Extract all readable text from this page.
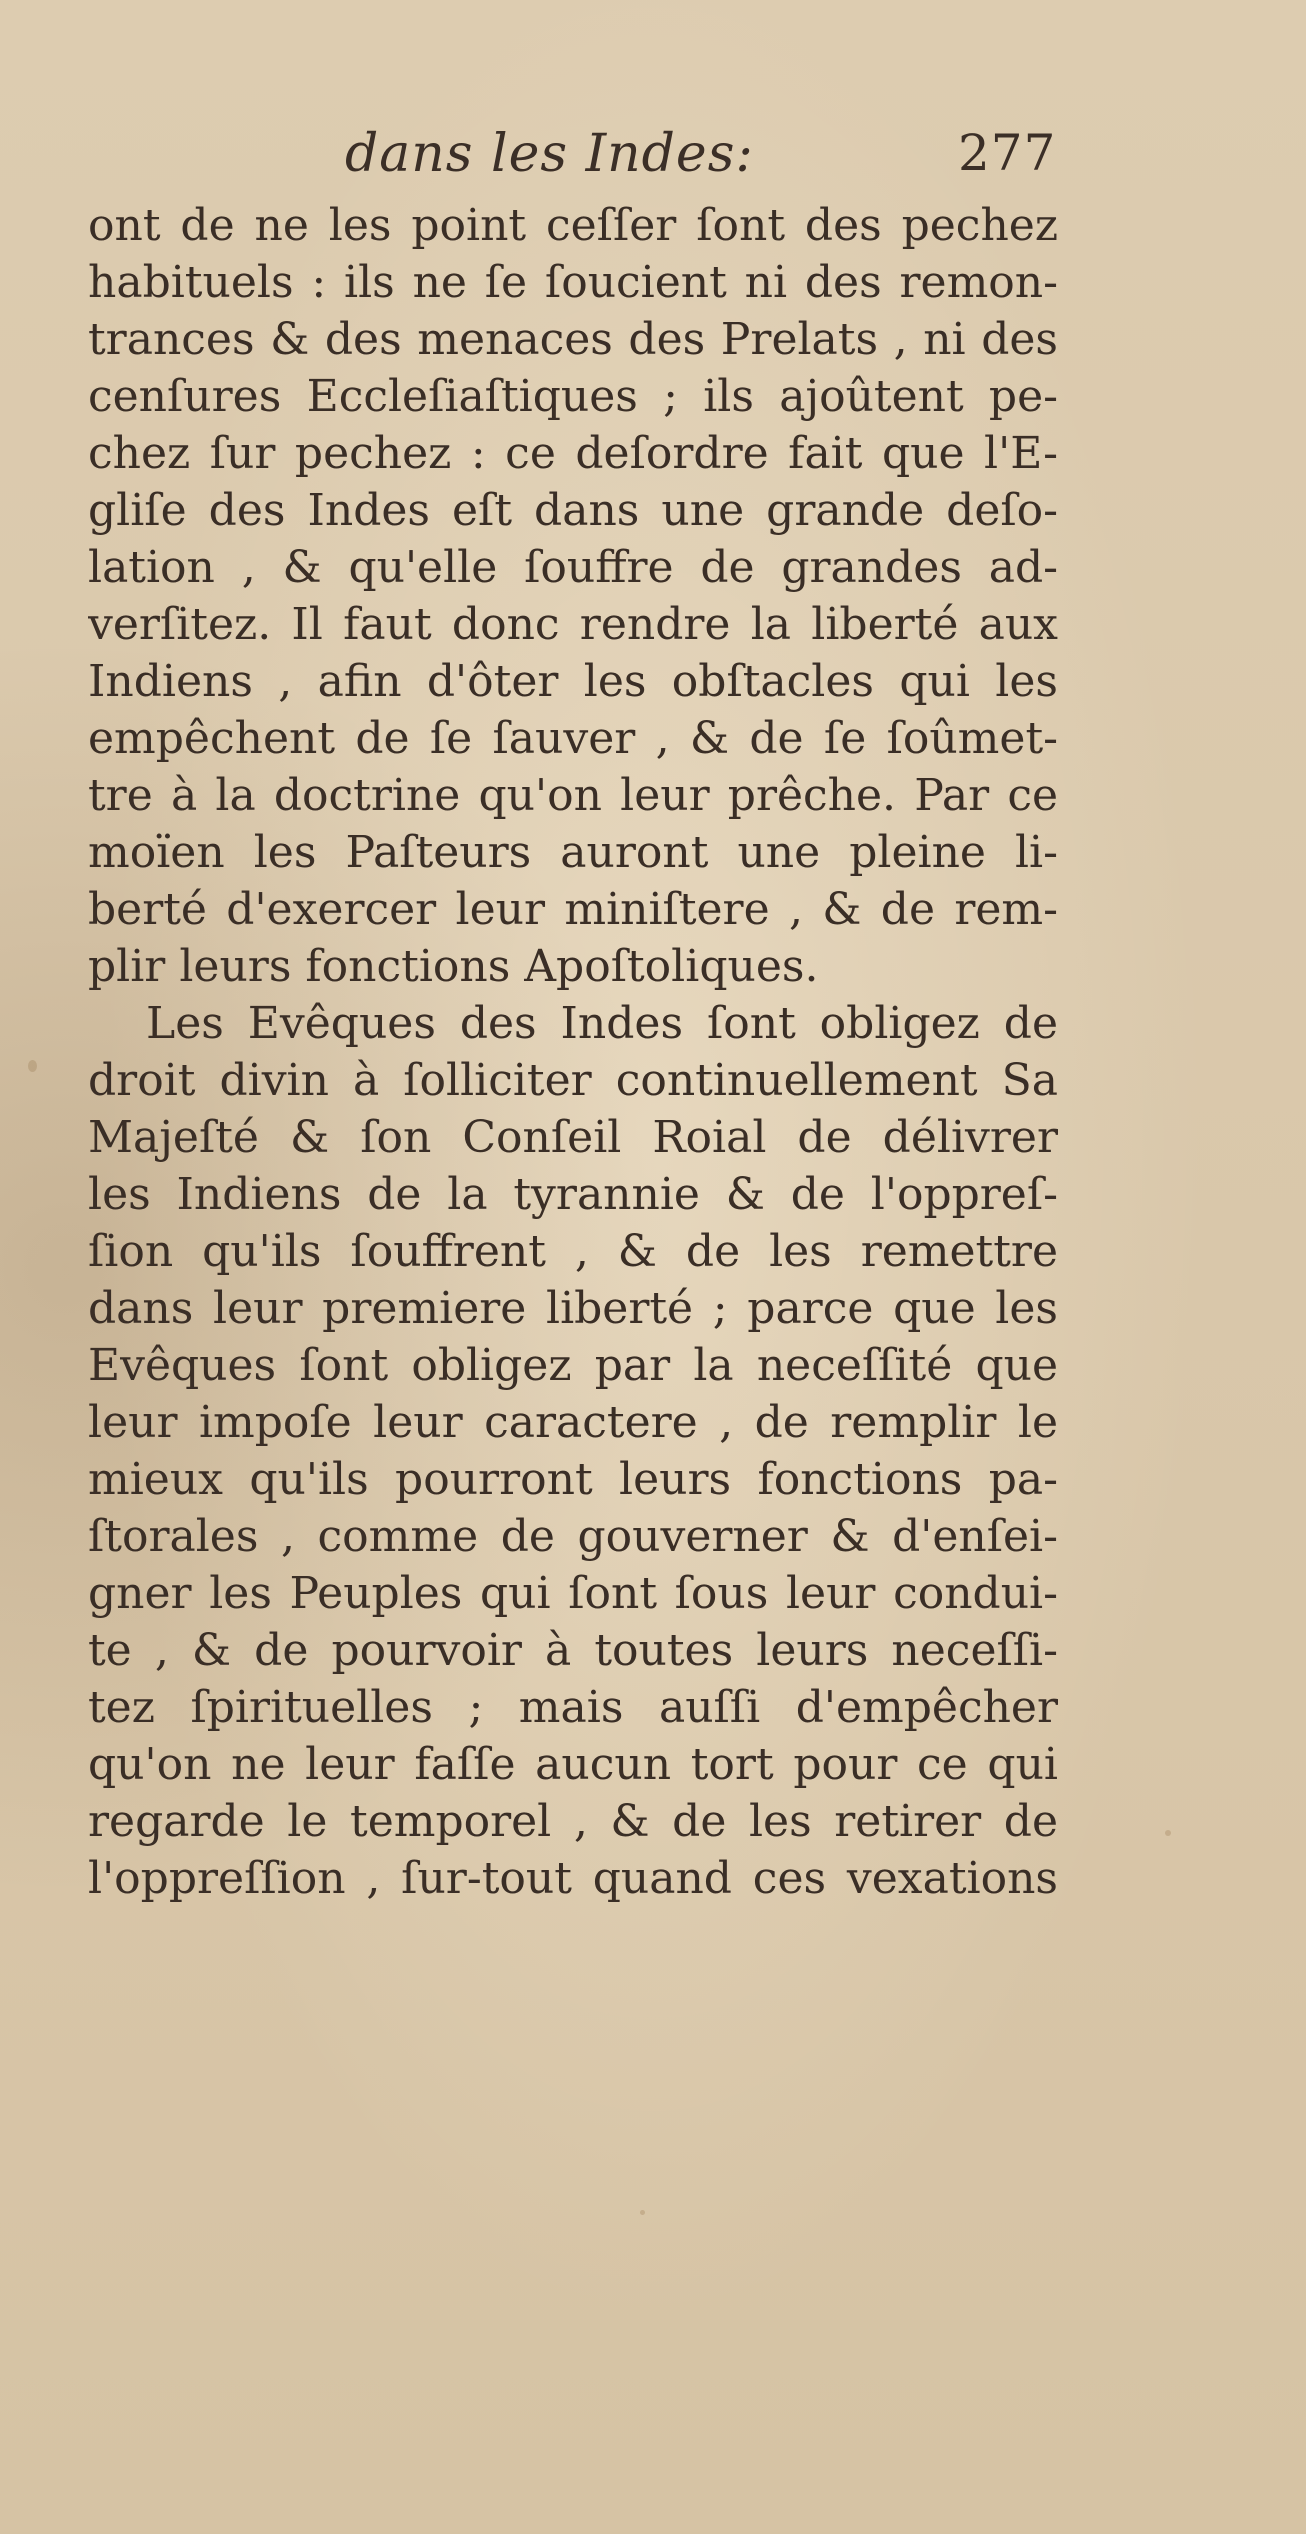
dans les Indes:	277
ont de ne les point ceſſer ſont des pechez
habituels : ils ne ſe ſoucient ni des remon-
trances & des menaces des Prelats , ni des
cenſures Eccleſiaſtiques ; ils ajoûtent pe-
chez ſur pechez : ce deſordre fait que l'E-
gliſe des Indes eſt dans une grande deſo-
lation , & qu'elle ſouffre de grandes ad-
verſitez. Il faut donc rendre la liberté aux
Indiens , afin d'ôter les obſtacles qui les
empêchent de ſe ſauver , & de ſe ſoûmet-
tre à la doctrine qu'on leur prêche. Par ce
moïen les Paſteurs auront une pleine li-
berté d'exercer leur miniſtere , & de rem-
plir leurs fonctions Apoſtoliques.
Les Evêques des Indes ſont obligez de
droit divin à ſolliciter continuellement Sa
Majeſté & ſon Conſeil Roial de délivrer
les Indiens de la tyrannie & de l'oppreſ-
ſion qu'ils ſouffrent , & de les remettre
dans leur premiere liberté ; parce que les
Evêques ſont obligez par la neceſſité que
leur impoſe leur caractere , de remplir le
mieux qu'ils pourront leurs fonctions pa-
ſtorales , comme de gouverner & d'enſei-
gner les Peuples qui ſont ſous leur condui-
te , & de pourvoir à toutes leurs neceſſi-
tez ſpirituelles ; mais auſſi d'empêcher
qu'on ne leur faſſe aucun tort pour ce qui
regarde le temporel , & de les retirer de
l'oppreſſion , ſur-tout quand ces vexations
